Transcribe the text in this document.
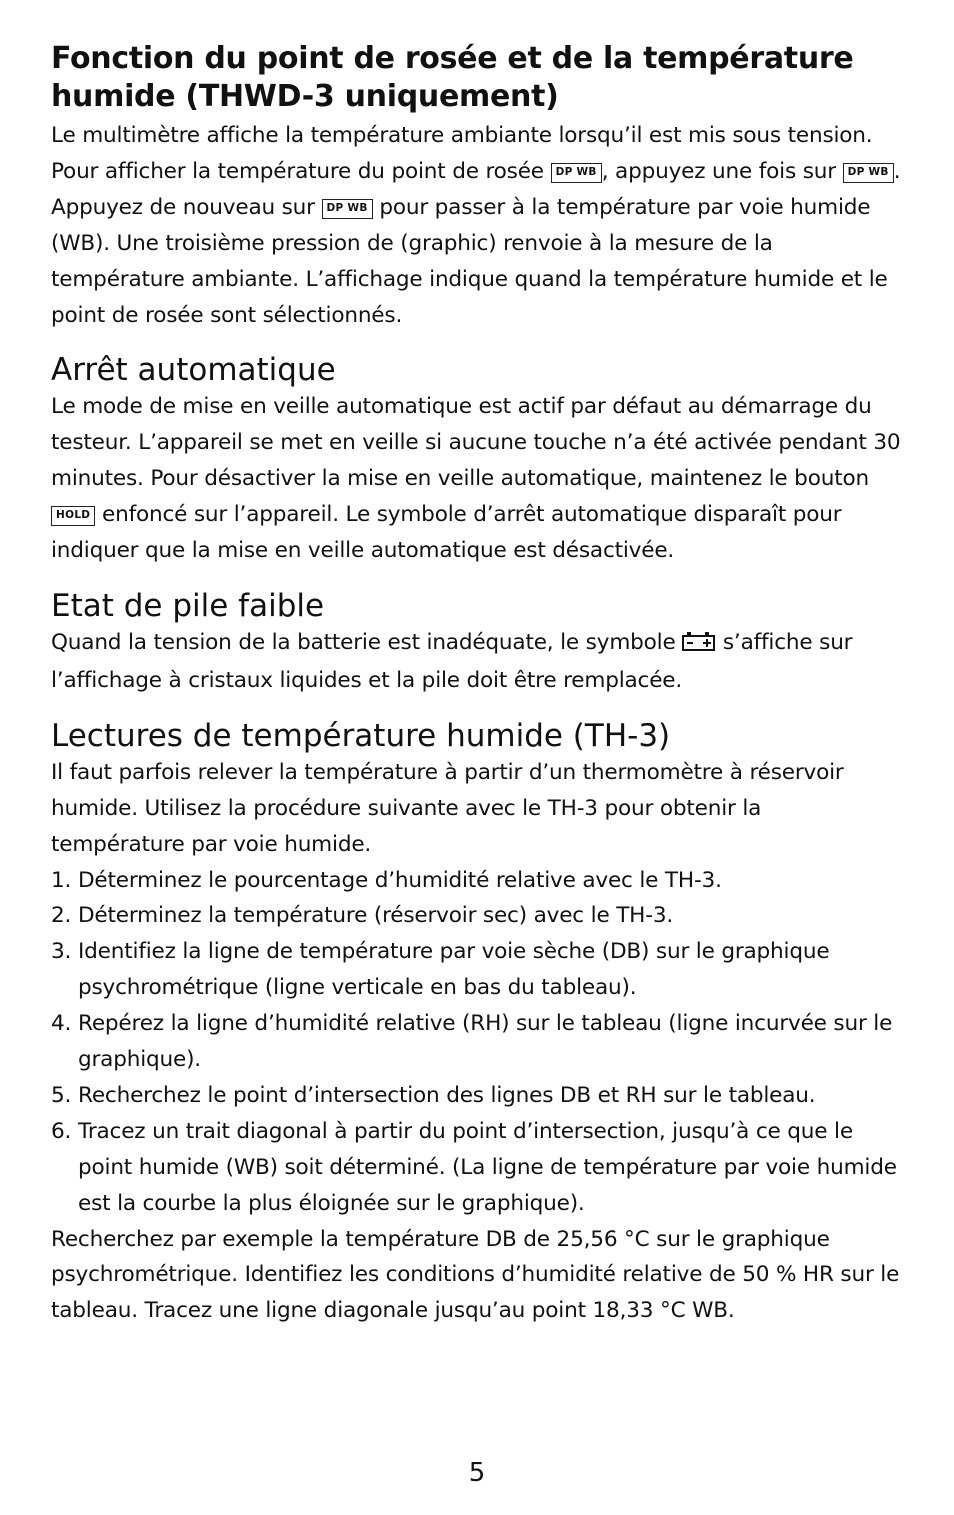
Fonction du point de rosée et de la température humide (THWD-3 uniquement)

Le multimètre affiche la température ambiante lorsqu’il est mis sous tension. Pour afficher la température du point de rosée DP WB , appuyez une fois sur DP WB . Appuyez de nouveau sur DP WB pour passer à la température par voie humide (WB). Une troisième pression de (graphic) renvoie à la mesure de la température ambiante. L’affichage indique quand la température humide et le point de rosée sont sélectionnés.

Arrêt automatique

Le mode de mise en veille automatique est actif par défaut au démarrage du testeur. L’appareil se met en veille si aucune touche n’a été activée pendant 30 minutes. Pour désactiver la mise en veille automatique, maintenez le bouton HOLD enfoncé sur l’appareil. Le symbole d’arrêt automatique disparaît pour indiquer que la mise en veille automatique est désactivée.

Etat de pile faible

Quand la tension de la batterie est inadéquate, le symbole  s’affiche sur l’affichage à cristaux liquides et la pile doit être remplacée.

Lectures de température humide (TH-3)

Il faut parfois relever la température à partir d’un thermomètre à réservoir humide. Utilisez la procédure suivante avec le TH-3 pour obtenir la température par voie humide.

1. Déterminez le pourcentage d’humidité relative avec le TH-3.
2. Déterminez la température (réservoir sec) avec le TH-3.
3. Identifiez la ligne de température par voie sèche (DB) sur le graphique psychrométrique (ligne verticale en bas du tableau).
4. Repérez la ligne d’humidité relative (RH) sur le tableau (ligne incurvée sur le graphique).
5. Recherchez le point d’intersection des lignes DB et RH sur le tableau.
6. Tracez un trait diagonal à partir du point d’intersection, jusqu’à ce que le point humide (WB) soit déterminé. (La ligne de température par voie humide est la courbe la plus éloignée sur le graphique).

Recherchez par exemple la température DB de 25,56 °C sur le graphique psychrométrique. Identifiez les conditions d’humidité relative de 50 % HR sur le tableau. Tracez une ligne diagonale jusqu’au point 18,33 °C WB.

5
